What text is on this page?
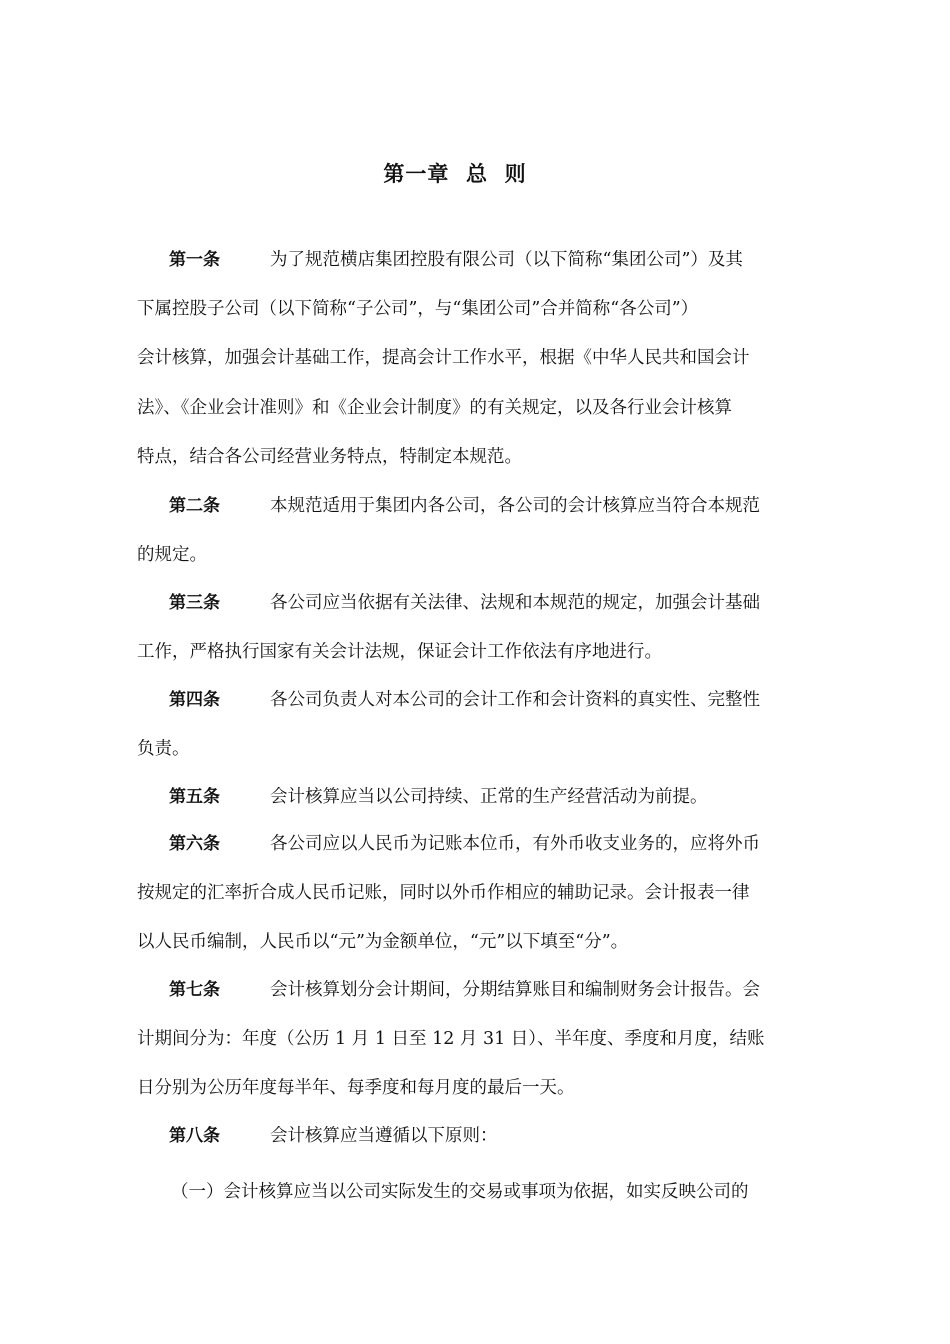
第一章  总  则
第一条	为了规范横店集团控股有限公司（以下简称“集团公司”）及其
下属控股子公司（以下简称“子公司”，与“集团公司”合并简称“各公司”）
会计核算，加强会计基础工作，提高会计工作水平，根据《中华人民共和国会计
法》、《企业会计准则》和《企业会计制度》的有关规定，以及各行业会计核算
特点，结合各公司经营业务特点，特制定本规范。
第二条	本规范适用于集团内各公司，各公司的会计核算应当符合本规范
的规定。
第三条	各公司应当依据有关法律、法规和本规范的规定，加强会计基础
工作，严格执行国家有关会计法规，保证会计工作依法有序地进行。
第四条	各公司负责人对本公司的会计工作和会计资料的真实性、完整性
负责。
第五条	会计核算应当以公司持续、正常的生产经营活动为前提。
第六条	各公司应以人民币为记账本位币，有外币收支业务的，应将外币
按规定的汇率折合成人民币记账，同时以外币作相应的辅助记录。会计报表一律
以人民币编制，人民币以“元”为金额单位，“元”以下填至“分”。
第七条	会计核算划分会计期间，分期结算账目和编制财务会计报告。会
计期间分为：年度（公历 1 月 1 日至 12 月 31 日）、半年度、季度和月度，结账
日分别为公历年度每半年、每季度和每月度的最后一天。
第八条	会计核算应当遵循以下原则：
（一）会计核算应当以公司实际发生的交易或事项为依据，如实反映公司的
